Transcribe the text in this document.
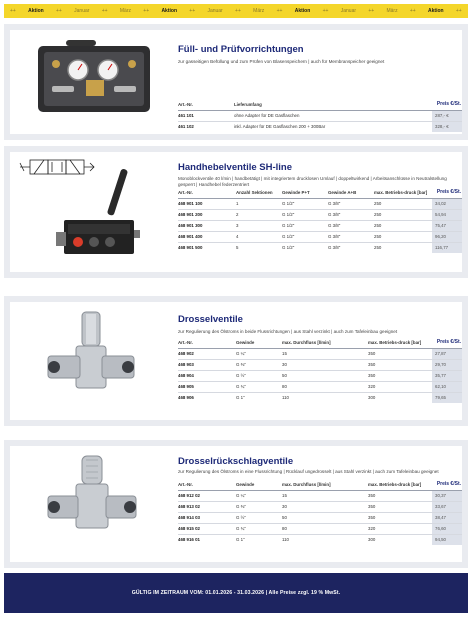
++ Aktion ++ Januar ++ März ++ Aktion ++ Januar ++ März ++ Aktion ++ Januar ++ März ++ Aktion ++
Füll- und Prüfvorrichtungen
zur gasseitigen Befüllung und zum Prüfen von Blasenspeichern | auch für Membranspeicher geeignet
Art.-Nr.	Lieferumfang	Preis €/St.
461 101	ohne Adapter für DE Gasflaschen	287,- €
461 102	inkl. Adapter für DE Gasflaschen 200 + 300Bar	328,- €
Handhebelventile SH-line
Monoblockventile 40 l/min | handbetätigt | mit integriertem drucklosen Umlauf | doppeltwirkend | Arbeitsanschlüsse in Neutralstellung gesperrt | Handhebel federzentriert
Art.-Nr.	Anzahl Sektionen	Gewinde P+T	Gewinde A+B	max. Betriebs-druck [bar]	Preis €/St.
468 901 100	1	G 1/2"	G 3/8"	250	34,02
468 901 200	2	G 1/2"	G 3/8"	250	54,94
468 901 300	3	G 1/2"	G 3/8"	250	75,47
468 901 400	4	G 1/2"	G 3/8"	250	96,20
468 901 500	5	G 1/2"	G 3/8"	250	116,77
Drosselventile
zur Regulierung des Ölstroms in beide Flussrichtungen | aus Stahl verzinkt | auch zum Tafeleinbau geeignet
Art.-Nr.	Gewinde	max. Durchfluss [l/min]	max. Betriebs-druck [bar]	Preis €/St.
468 902	G ¼"	15	350	27,87
468 903	G ⅜"	30	350	29,70
468 904	G ½"	50	350	35,77
468 905	G ¾"	80	320	62,10
468 906	G 1"	110	300	79,65
Drosselrückschlagventile
zur Regulierung des Ölstroms in eine Flussrichtung | Rücklauf ungedrosselt | aus Stahl verzinkt | auch zum Tafeleinbau geeignet
Art.-Nr.	Gewinde	max. Durchfluss [l/min]	max. Betriebs-druck [bar]	Preis €/St.
468 912 02	G ¼"	15	350	30,37
468 913 02	G ⅜"	30	350	33,67
468 914 03	G ½"	50	350	38,47
468 915 02	G ¾"	80	320	76,60
468 916 01	G 1"	110	300	94,50
GÜLTIG IM ZEITRAUM VOM: 01.01.2026 - 31.03.2026 | Alle Preise zzgl. 19 % MwSt.
